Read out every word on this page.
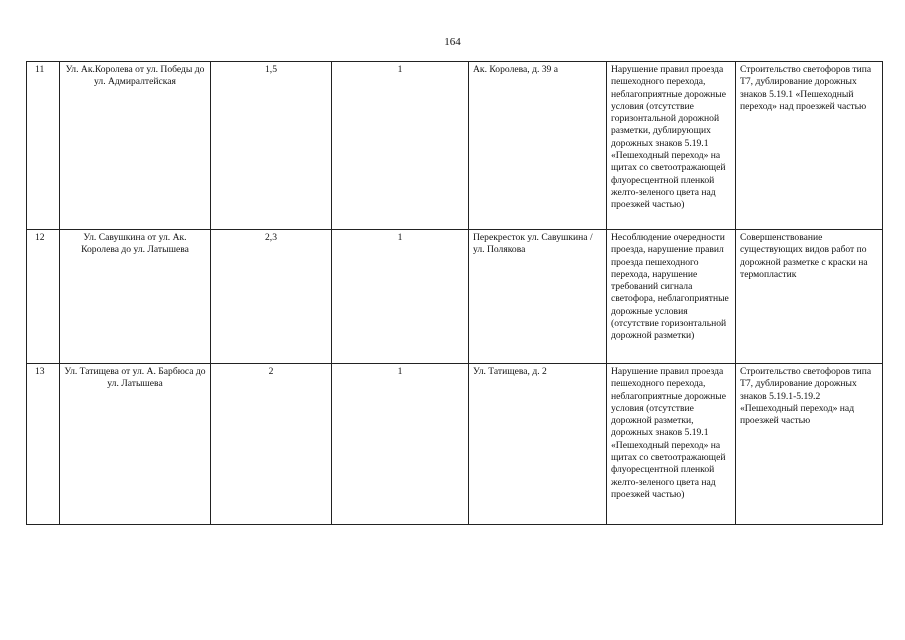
164
11	Ул. Ак.Королева от ул. Победы до ул. Адмиралтейская	1,5	1	Ак. Королева, д. 39 а	Нарушение правил проезда пешеходного перехода, неблагоприятные дорожные условия (отсутствие горизонтальной дорожной разметки, дублирующих дорожных знаков 5.19.1 «Пешеходный переход» на щитах со светоотражающей флуоресцентной пленкой желто-зеленого цвета над проезжей частью)	Строительство светофоров типа Т7, дублирование дорожных знаков 5.19.1 «Пешеходный переход» над проезжей частью
12	Ул. Савушкина от ул. Ак. Королева до ул. Латышева	2,3	1	Перекресток ул. Савушкина / ул. Полякова	Несоблюдение очередности проезда, нарушение правил проезда пешеходного перехода, нарушение требований сигнала светофора, неблагоприятные дорожные условия (отсутствие горизонтальной дорожной разметки)	Совершенствование существующих видов работ по дорожной разметке с краски на термопластик
13	Ул. Татищева от ул. А. Барбюса до ул. Латышева	2	1	Ул. Татищева, д. 2	Нарушение правил проезда пешеходного перехода, неблагоприятные дорожные условия (отсутствие дорожной разметки, дорожных знаков 5.19.1 «Пешеходный переход» на щитах со светоотражающей флуоресцентной пленкой желто-зеленого цвета над проезжей частью)	Строительство светофоров типа Т7, дублирование дорожных знаков 5.19.1-5.19.2 «Пешеходный переход» над проезжей частью
